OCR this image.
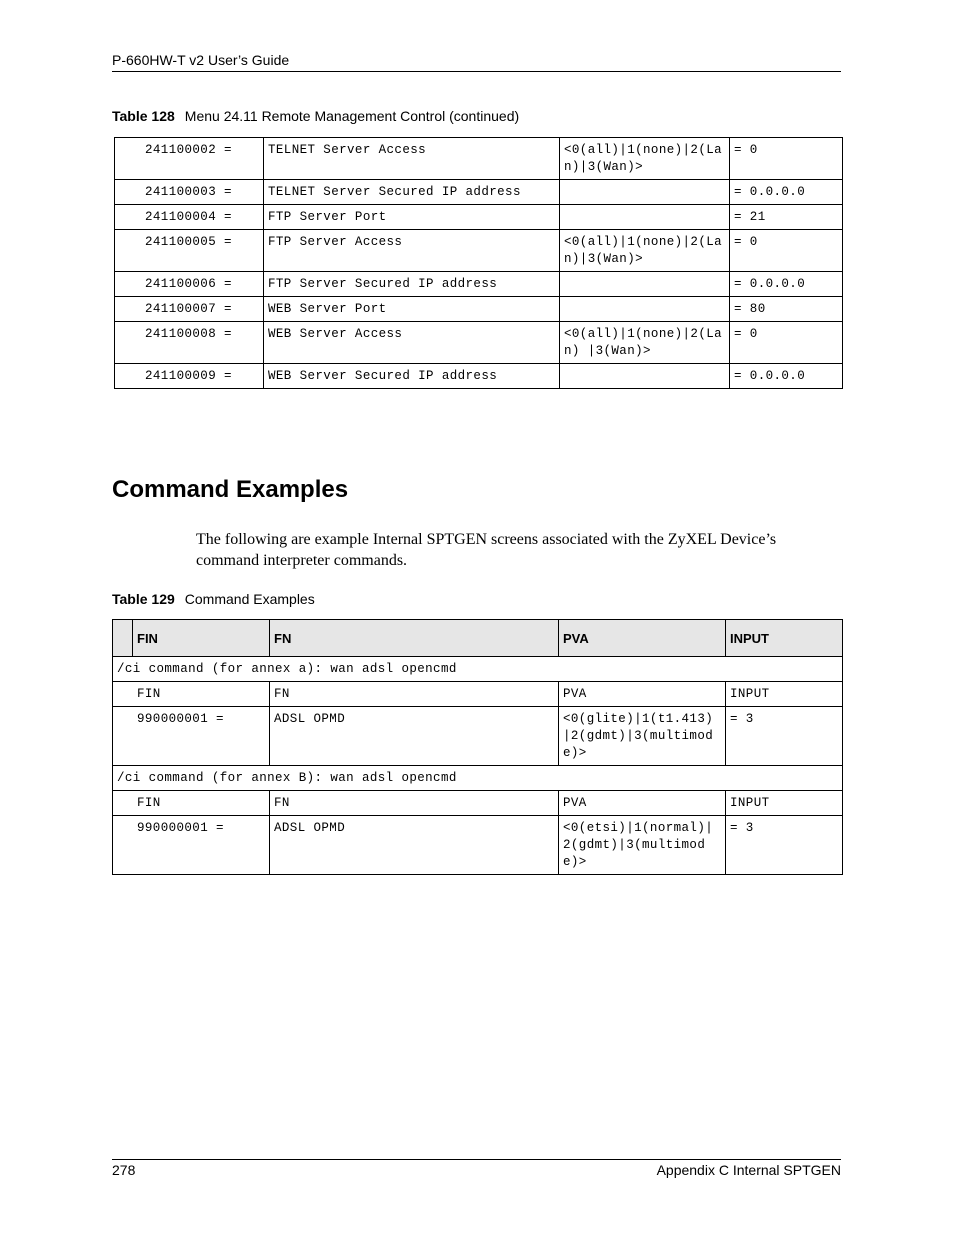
P-660HW-T v2 User’s Guide
Table 128 Menu 24.11 Remote Management Control (continued)
241100002 =	TELNET Server Access	<0(all)|1(none)|2(Lan)|3(Wan)>	= 0
241100003 =	TELNET Server Secured IP address		= 0.0.0.0
241100004 =	FTP Server Port		= 21
241100005 =	FTP Server Access	<0(all)|1(none)|2(Lan)|3(Wan)>	= 0
241100006 =	FTP Server Secured IP address		= 0.0.0.0
241100007 =	WEB Server Port		= 80
241100008 =	WEB Server Access	<0(all)|1(none)|2(Lan) |3(Wan)>	= 0
241100009 =	WEB Server Secured IP address		= 0.0.0.0
Command Examples
The following are example Internal SPTGEN screens associated with the ZyXEL Device’s command interpreter commands.
Table 129 Command Examples
	FIN	FN	PVA	INPUT
/ci command (for annex a): wan adsl opencmd				
FIN		FN	PVA	INPUT
990000001 =		ADSL OPMD	<0(glite)|1(t1.413)|2(gdmt)|3(multimode)>	= 3
/ci command (for annex B): wan adsl opencmd				
FIN		FN	PVA	INPUT
990000001 =		ADSL OPMD	<0(etsi)|1(normal)|2(gdmt)|3(multimode)>	= 3
278	Appendix C Internal SPTGEN
